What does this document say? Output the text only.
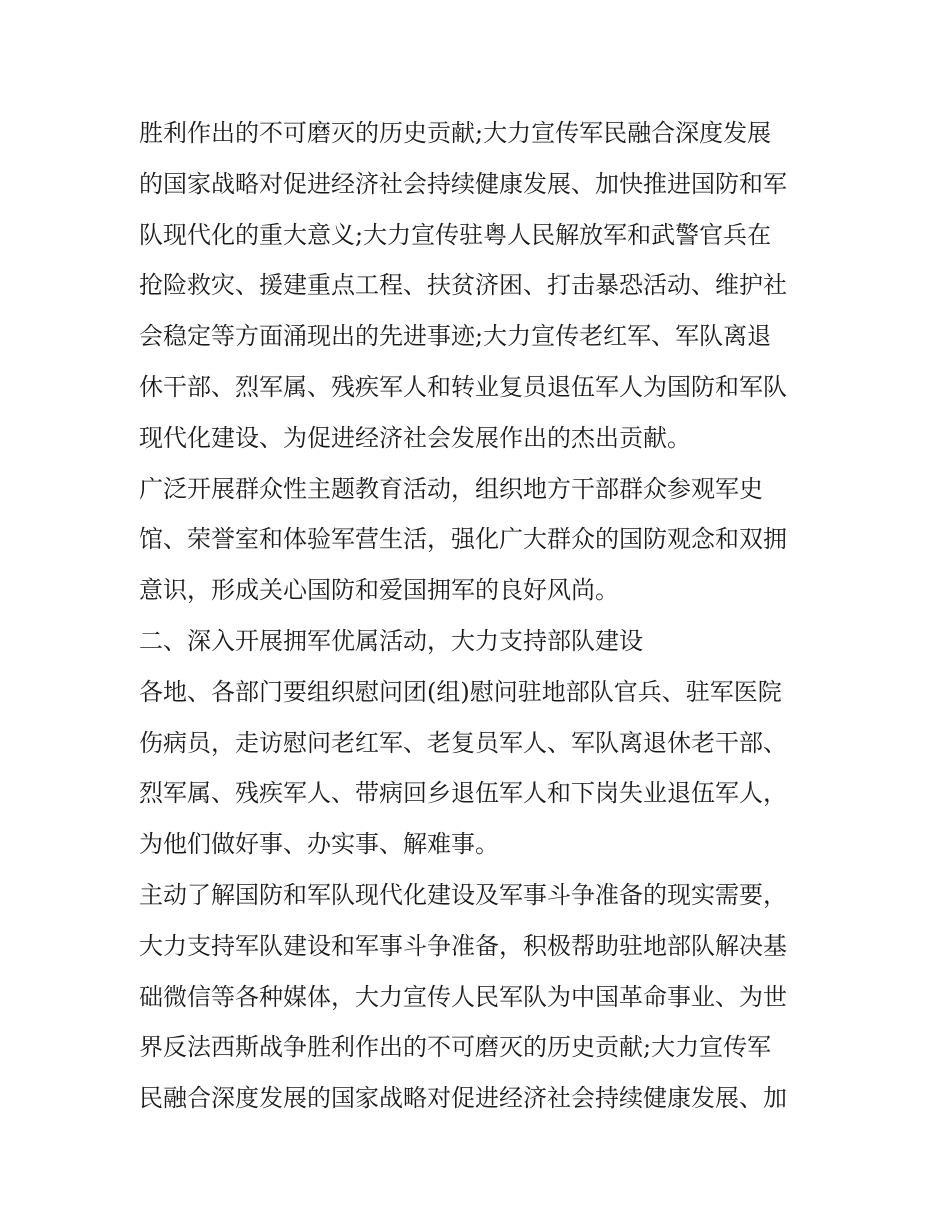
胜利作出的不可磨灭的历史贡献;大力宣传军民融合深度发展
的国家战略对促进经济社会持续健康发展、加快推进国防和军
队现代化的重大意义;大力宣传驻粤人民解放军和武警官兵在
抢险救灾、援建重点工程、扶贫济困、打击暴恐活动、维护社
会稳定等方面涌现出的先进事迹;大力宣传老红军、军队离退
休干部、烈军属、残疾军人和转业复员退伍军人为国防和军队
现代化建设、为促进经济社会发展作出的杰出贡献。
广泛开展群众性主题教育活动，组织地方干部群众参观军史
馆、荣誉室和体验军营生活，强化广大群众的国防观念和双拥
意识，形成关心国防和爱国拥军的良好风尚。
二、深入开展拥军优属活动，大力支持部队建设
各地、各部门要组织慰问团(组)慰问驻地部队官兵、驻军医院
伤病员，走访慰问老红军、老复员军人、军队离退休老干部、
烈军属、残疾军人、带病回乡退伍军人和下岗失业退伍军人，
为他们做好事、办实事、解难事。
主动了解国防和军队现代化建设及军事斗争准备的现实需要，
大力支持军队建设和军事斗争准备，积极帮助驻地部队解决基
础微信等各种媒体，大力宣传人民军队为中国革命事业、为世
界反法西斯战争胜利作出的不可磨灭的历史贡献;大力宣传军
民融合深度发展的国家战略对促进经济社会持续健康发展、加
